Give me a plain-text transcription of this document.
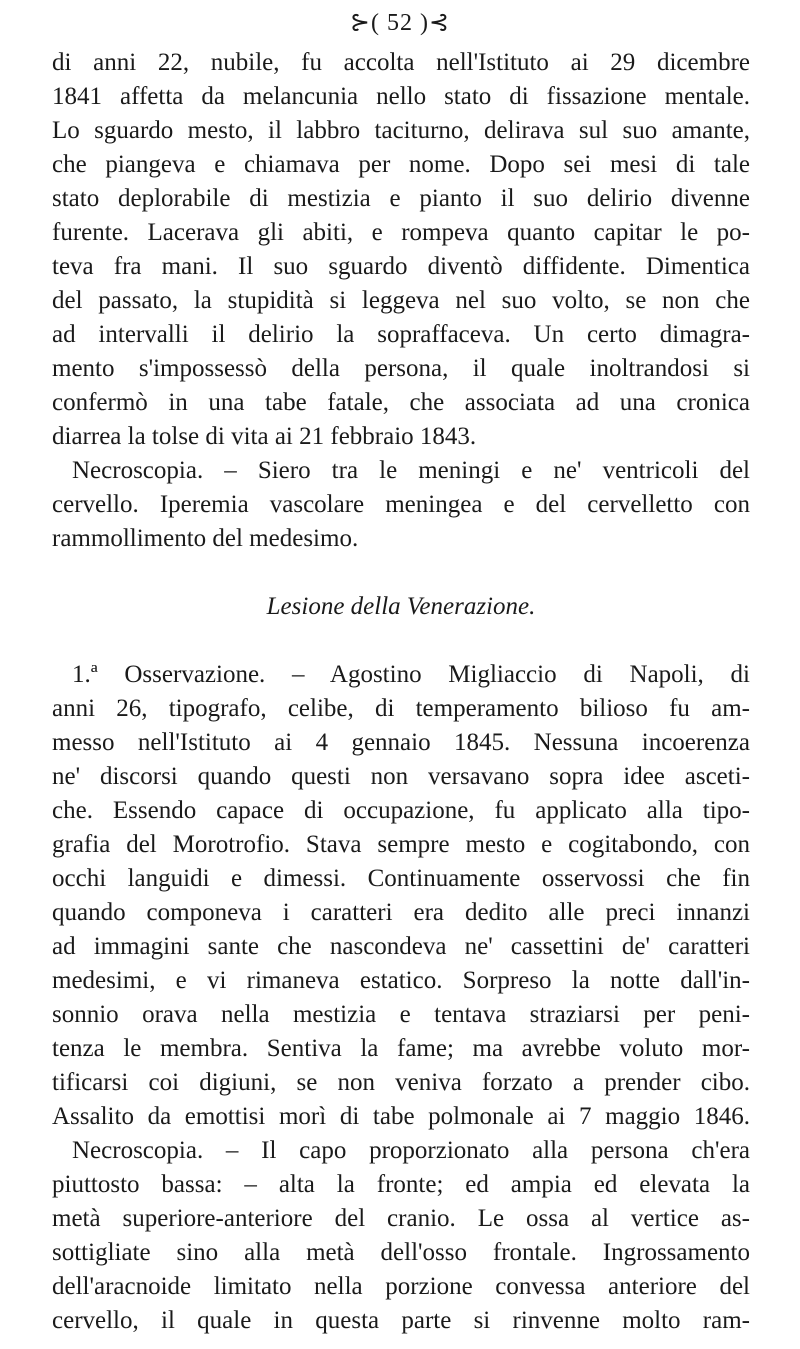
⊱( 52 )⊰
di anni 22, nubile, fu accolta nell'Istituto ai 29 dicembre
1841 affetta da melancunia nello stato di fissazione mentale.
Lo sguardo mesto, il labbro taciturno, delirava sul suo amante,
che piangeva e chiamava per nome. Dopo sei mesi di tale
stato deplorabile di mestizia e pianto il suo delirio divenne
furente. Lacerava gli abiti, e rompeva quanto capitar le po-
teva fra mani. Il suo sguardo diventò diffidente. Dimentica
del passato, la stupidità si leggeva nel suo volto, se non che
ad intervalli il delirio la sopraffaceva. Un certo dimagra-
mento s'impossessò della persona, il quale inoltrandosi si
confermò in una tabe fatale, che associata ad una cronica
diarrea la tolse di vita ai 21 febbraio 1843.
Necroscopia. – Siero tra le meningi e ne' ventricoli del
cervello. Iperemia vascolare meningea e del cervelletto con
rammollimento del medesimo.
Lesione della Venerazione.
1.ª Osservazione. – Agostino Migliaccio di Napoli, di
anni 26, tipografo, celibe, di temperamento bilioso fu am-
messo nell'Istituto ai 4 gennaio 1845. Nessuna incoerenza
ne' discorsi quando questi non versavano sopra idee asceti-
che. Essendo capace di occupazione, fu applicato alla tipo-
grafia del Morotrofio. Stava sempre mesto e cogitabondo, con
occhi languidi e dimessi. Continuamente osservossi che fin
quando componeva i caratteri era dedito alle preci innanzi
ad immagini sante che nascondeva ne' cassettini de' caratteri
medesimi, e vi rimaneva estatico. Sorpreso la notte dall'in-
sonnio orava nella mestizia e tentava straziarsi per peni-
tenza le membra. Sentiva la fame; ma avrebbe voluto mor-
tificarsi coi digiuni, se non veniva forzato a prender cibo.
Assalito da emottisi morì di tabe polmonale ai 7 maggio 1846.
Necroscopia. – Il capo proporzionato alla persona ch'era
piuttosto bassa: – alta la fronte; ed ampia ed elevata la
metà superiore-anteriore del cranio. Le ossa al vertice as-
sottigliate sino alla metà dell'osso frontale. Ingrossamento
dell'aracnoide limitato nella porzione convessa anteriore del
cervello, il quale in questa parte si rinvenne molto ram-
